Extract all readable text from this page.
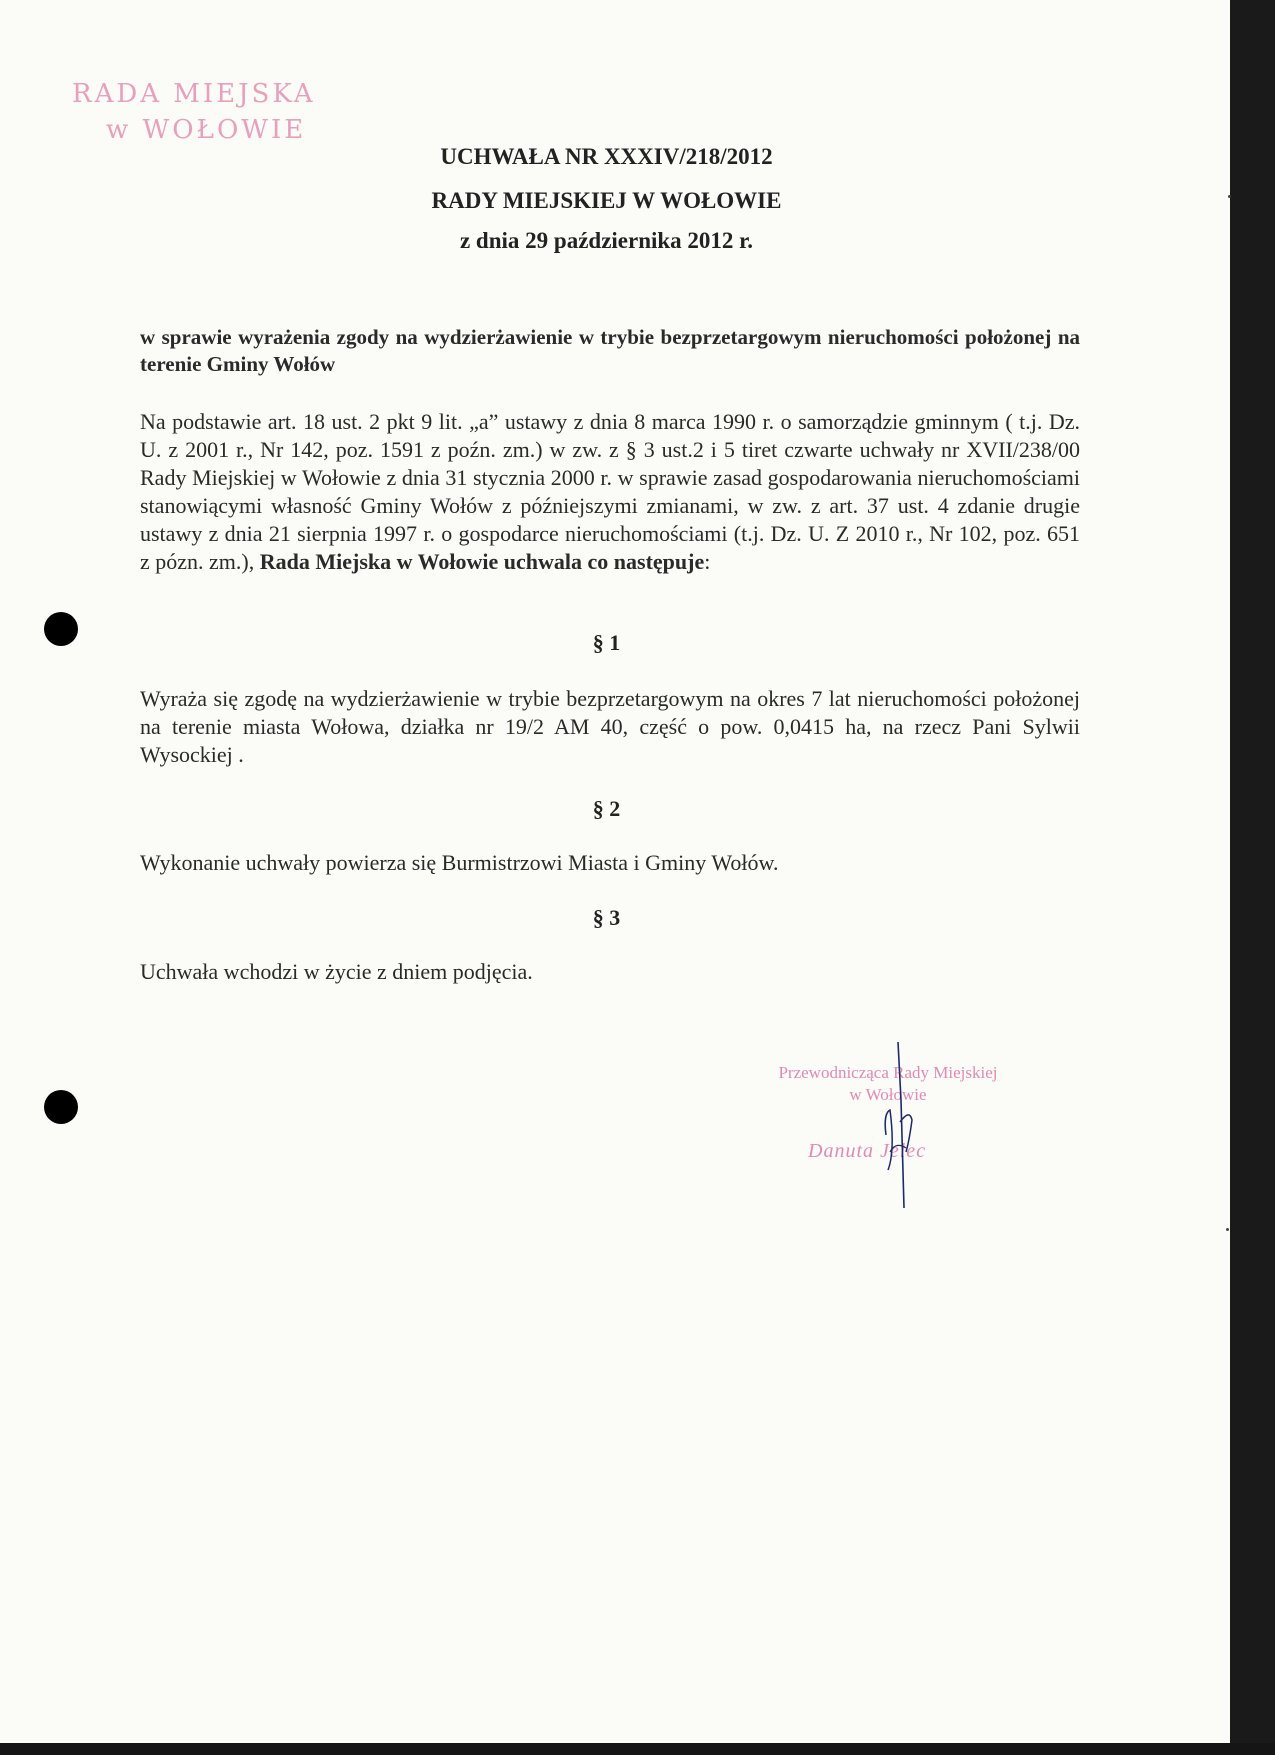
RADA MIEJSKA
w WOŁOWIE
UCHWAŁA NR XXXIV/218/2012
RADY MIEJSKIEJ W WOŁOWIE
z dnia 29 października 2012 r.
w sprawie wyrażenia zgody na wydzierżawienie w trybie bezprzetargowym nieruchomości położonej na terenie Gminy Wołów
Na podstawie art. 18 ust. 2 pkt 9 lit. „a” ustawy z dnia 8 marca 1990 r. o samorządzie gminnym ( t.j. Dz. U. z 2001 r., Nr 142, poz. 1591 z poźn. zm.) w zw. z § 3 ust.2 i 5 tiret czwarte uchwały nr XVII/238/00 Rady Miejskiej w Wołowie z dnia 31 stycznia 2000 r. w sprawie zasad gospodarowania nieruchomościami stanowiącymi własność Gminy Wołów z późniejszymi zmianami, w zw. z art. 37 ust. 4 zdanie drugie ustawy z dnia 21 sierpnia 1997 r. o gospodarce nieruchomościami (t.j. Dz. U. Z 2010 r., Nr 102, poz. 651 z pózn. zm.), Rada Miejska w Wołowie uchwala co następuje:
§ 1
Wyraża się zgodę na wydzierżawienie w trybie bezprzetargowym na okres 7 lat nieruchomości położonej na terenie miasta Wołowa, działka nr 19/2 AM 40, część o pow. 0,0415 ha, na rzecz Pani Sylwii Wysockiej .
§ 2
Wykonanie uchwały powierza się Burmistrzowi Miasta i Gminy Wołów.
§ 3
Uchwała wchodzi w życie z dniem podjęcia.
Przewodnicząca Rady Miejskiej
w Wołowie
Danuta Jelec
